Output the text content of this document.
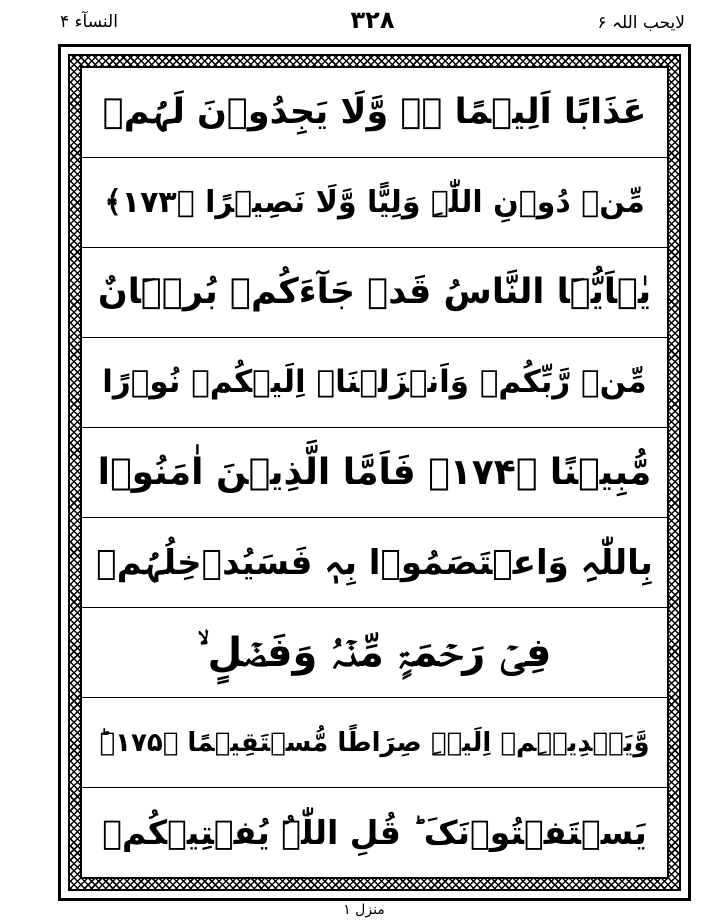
لایحب اللہ ۶
۳۲۸
النسآء ۴
عَذَابًا اَلِیۡمًا ۙ۬ وَّلَا یَجِدُوۡنَ لَہُمۡ
مِّنۡ دُوۡنِ اللّٰہِ وَلِیًّا وَّلَا نَصِیۡرًا ﴿۱۷۳﴾
یٰۤاَیُّہَا النَّاسُ قَدۡ جَآءَکُمۡ بُرۡہَانٌ
مِّنۡ رَّبِّکُمۡ وَاَنۡزَلۡنَاۤ اِلَیۡکُمۡ نُوۡرًا
مُّبِیۡنًا ﴿۱۷۴﴾ فَاَمَّا الَّذِیۡنَ اٰمَنُوۡا
بِاللّٰہِ وَاعۡتَصَمُوۡا بِہٖ فَسَیُدۡخِلُہُمۡ
فِیۡ رَحۡمَۃٍ مِّنۡہُ وَفَضۡلٍ ۙ
وَّیَہۡدِیۡہِمۡ اِلَیۡہِ صِرَاطًا مُّسۡتَقِیۡمًا ﴿۱۷۵﴾ؕ
یَسۡتَفۡتُوۡنَکَ ؕ قُلِ اللّٰہُ یُفۡتِیۡکُمۡ
منزل ۱
